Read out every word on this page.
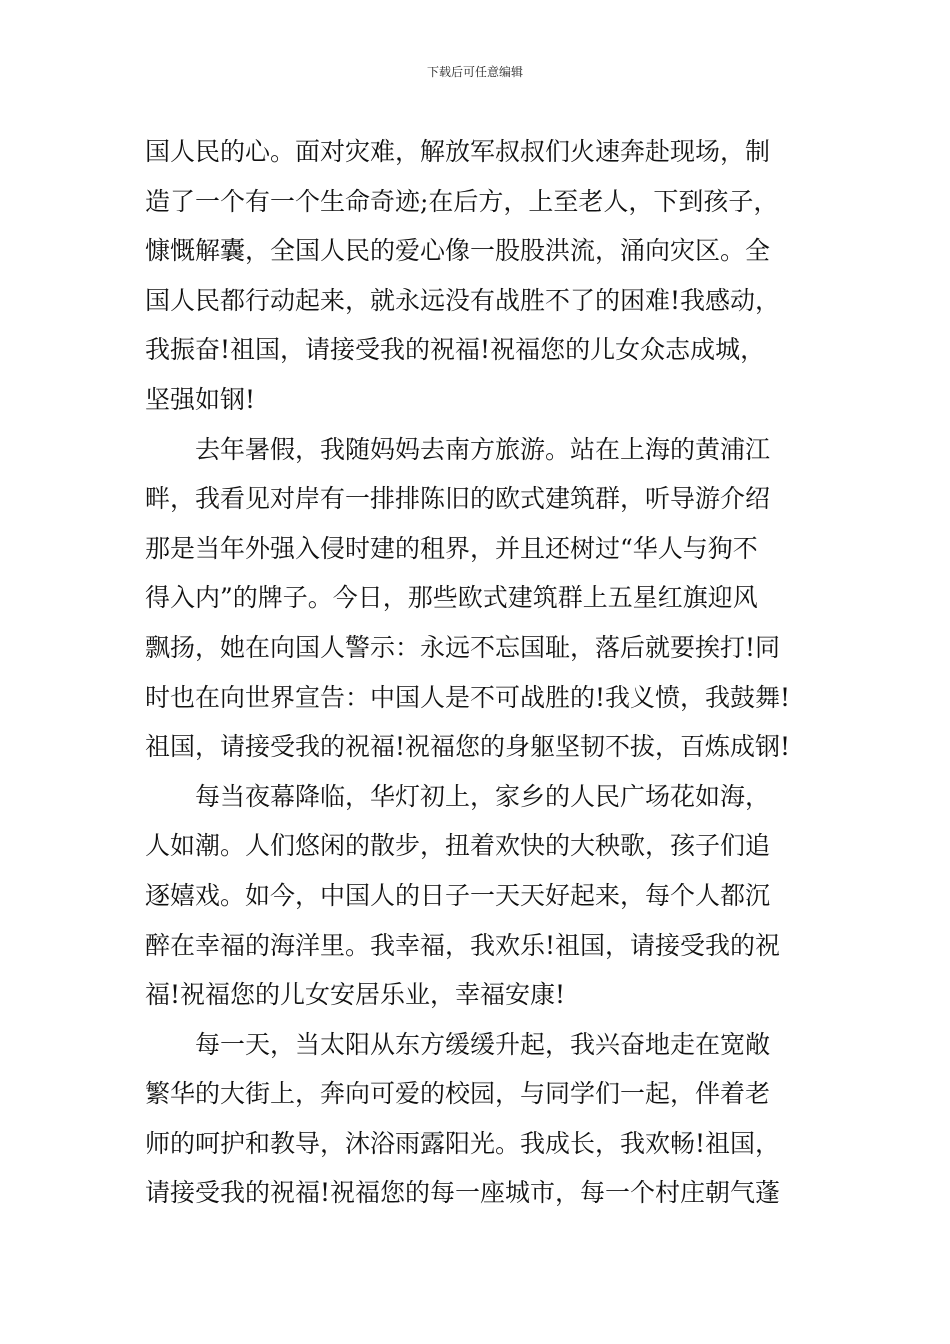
下载后可任意编辑
国人民的心。面对灾难，解放军叔叔们火速奔赴现场，制
造了一个有一个生命奇迹;在后方，上至老人，下到孩子，
慷慨解囊，全国人民的爱心像一股股洪流，涌向灾区。全
国人民都行动起来，就永远没有战胜不了的困难!我感动，
我振奋!祖国，请接受我的祝福!祝福您的儿女众志成城，
坚强如钢!
去年暑假，我随妈妈去南方旅游。站在上海的黄浦江
畔，我看见对岸有一排排陈旧的欧式建筑群，听导游介绍
那是当年外强入侵时建的租界，并且还树过“华人与狗不
得入内”的牌子。今日，那些欧式建筑群上五星红旗迎风
飘扬，她在向国人警示：永远不忘国耻，落后就要挨打!同
时也在向世界宣告：中国人是不可战胜的!我义愤，我鼓舞!
祖国，请接受我的祝福!祝福您的身躯坚韧不拔，百炼成钢!
每当夜幕降临，华灯初上，家乡的人民广场花如海，
人如潮。人们悠闲的散步，扭着欢快的大秧歌，孩子们追
逐嬉戏。如今，中国人的日子一天天好起来，每个人都沉
醉在幸福的海洋里。我幸福，我欢乐!祖国，请接受我的祝
福!祝福您的儿女安居乐业，幸福安康!
每一天，当太阳从东方缓缓升起，我兴奋地走在宽敞
繁华的大街上，奔向可爱的校园，与同学们一起，伴着老
师的呵护和教导，沐浴雨露阳光。我成长，我欢畅!祖国，
请接受我的祝福!祝福您的每一座城市，每一个村庄朝气蓬
